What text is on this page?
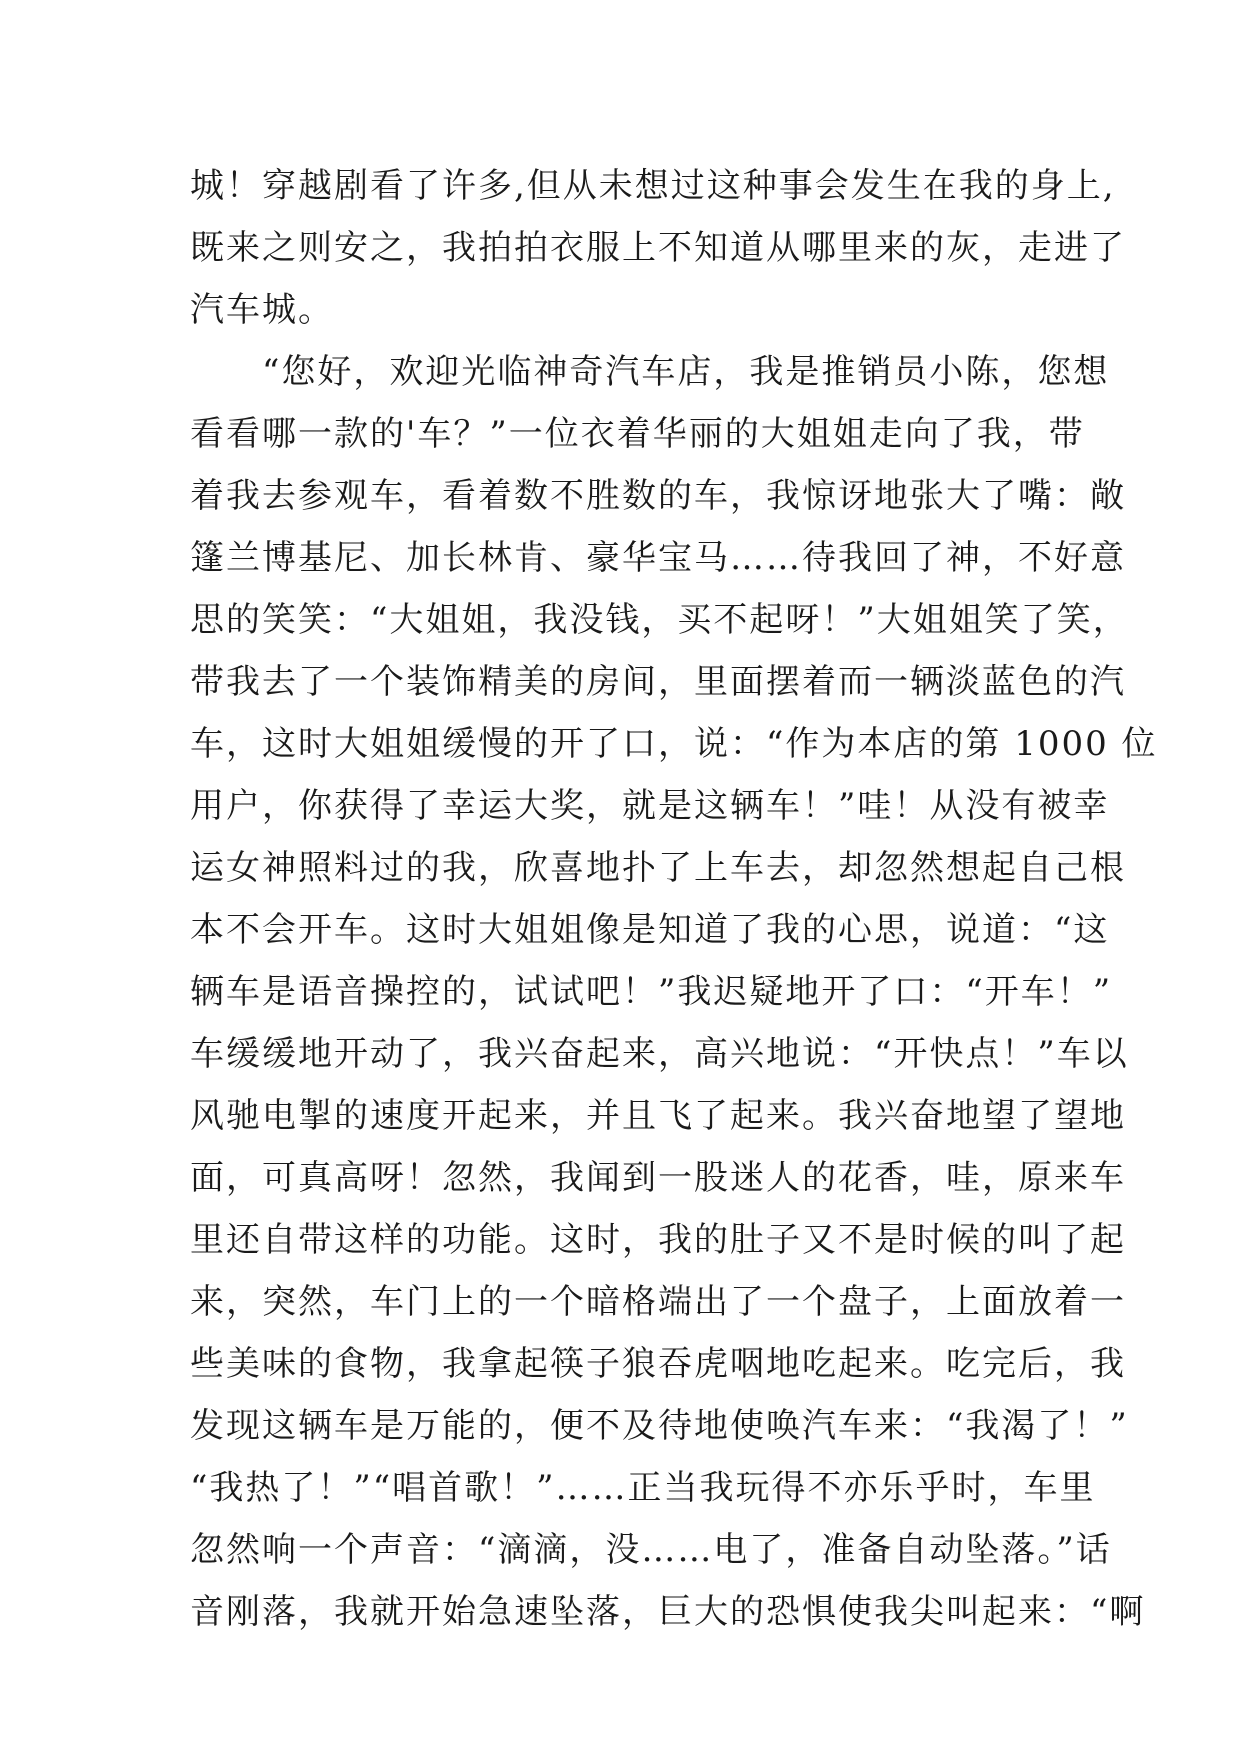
城！穿越剧看了许多,但从未想过这种事会发生在我的身上,
既来之则安之，我拍拍衣服上不知道从哪里来的灰，走进了
汽车城。
“您好，欢迎光临神奇汽车店，我是推销员小陈，您想
看看哪一款的'车？”一位衣着华丽的大姐姐走向了我，带
着我去参观车，看着数不胜数的车，我惊讶地张大了嘴：敞
篷兰博基尼、加长林肯、豪华宝马……待我回了神，不好意
思的笑笑：“大姐姐，我没钱，买不起呀！”大姐姐笑了笑，
带我去了一个装饰精美的房间，里面摆着而一辆淡蓝色的汽
车，这时大姐姐缓慢的开了口，说：“作为本店的第 1000 位
用户，你获得了幸运大奖，就是这辆车！”哇！从没有被幸
运女神照料过的我，欣喜地扑了上车去，却忽然想起自己根
本不会开车。这时大姐姐像是知道了我的心思，说道：“这
辆车是语音操控的，试试吧！”我迟疑地开了口：“开车！”
车缓缓地开动了，我兴奋起来，高兴地说：“开快点！”车以
风驰电掣的速度开起来，并且飞了起来。我兴奋地望了望地
面，可真高呀！忽然，我闻到一股迷人的花香，哇，原来车
里还自带这样的功能。这时，我的肚子又不是时候的叫了起
来，突然，车门上的一个暗格端出了一个盘子，上面放着一
些美味的食物，我拿起筷子狼吞虎咽地吃起来。吃完后，我
发现这辆车是万能的，便不及待地使唤汽车来：“我渴了！”
“我热了！”“唱首歌！”……正当我玩得不亦乐乎时，车里
忽然响一个声音：“滴滴，没……电了，准备自动坠落。”话
音刚落，我就开始急速坠落，巨大的恐惧使我尖叫起来：“啊
